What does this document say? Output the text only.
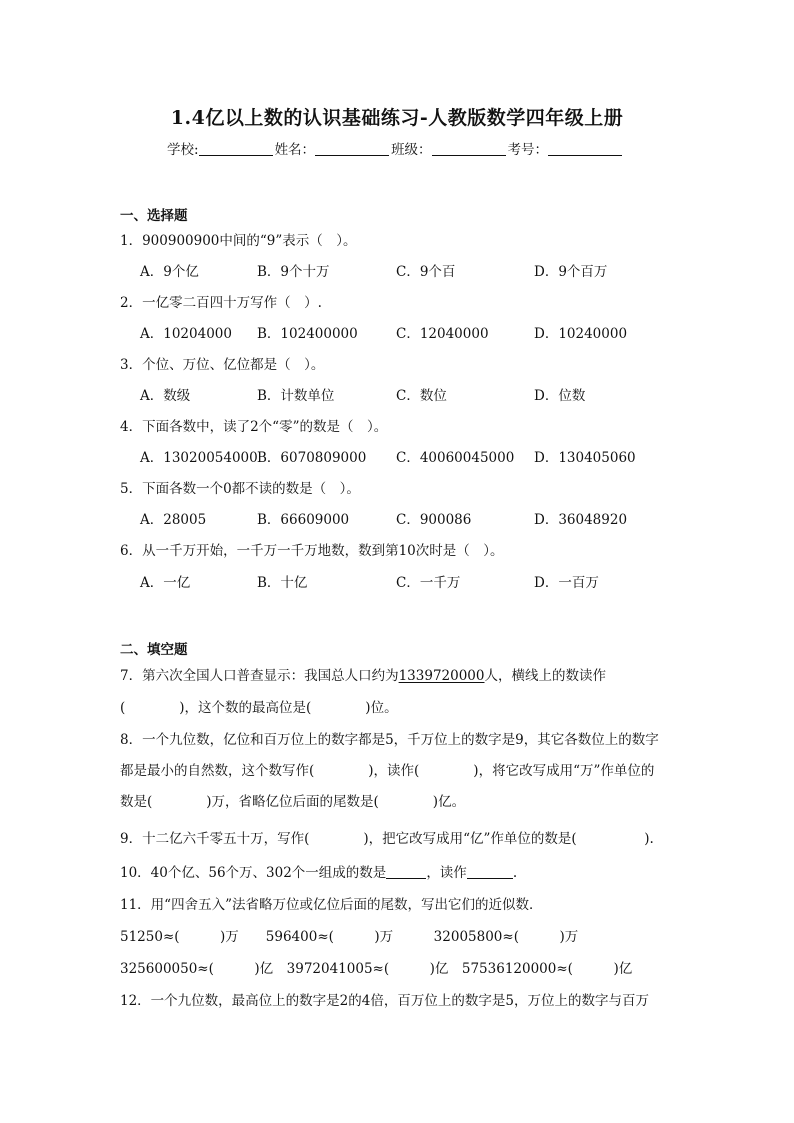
1.4亿以上数的认识基础练习-人教版数学四年级上册
学校:	姓名：	班级：	考号：
一、选择题
1．900900900中间的“9”表示（　）。
A．9个亿	B．9个十万	C．9个百	D．9个百万
2．一亿零二百四十万写作（　）.
A．10204000 B．102400000	C．12040000	D．10240000
3．个位、万位、亿位都是（　）。
A．数级	B．计数单位	C．数位	D．位数
4．下面各数中，读了2个“零”的数是（　）。
A．13020054000 B．6070809000 C．40060045000 D．130405060
5．下面各数一个0都不读的数是（　）。
A．28005	B．66609000	C．900086	D．36048920
6．从一千万开始，一千万一千万地数，数到第10次时是（　）。
A．一亿	B．十亿	C．一千万	D．一百万
二、填空题
7．第六次全国人口普查显示：我国总人口约为1339720000人，横线上的数读作
(　　　　)，这个数的最高位是(　　　　)位。
8．一个九位数，亿位和百万位上的数字都是5，千万位上的数字是9，其它各数位上的数字
都是最小的自然数，这个数写作(　　　　)，读作(　　　　)，将它改写成用“万”作单位的
数是(　　　　)万，省略亿位后面的尾数是(　　　　)亿。
9．十二亿六千零五十万，写作(　　　　)，把它改写成用“亿”作单位的数是(　　　　　).
10．40个亿、56个万、302个一组成的数是	，读作	.
11．用“四舍五入”法省略万位或亿位后面的尾数，写出它们的近似数．
51250≈(　　　)万　　596400≈(　　　)万　　　32005800≈(　　　)万
325600050≈(　　　)亿　3972041005≈(　　　)亿　57536120000≈(　　　)亿
12．一个九位数，最高位上的数字是2的4倍，百万位上的数字是5，万位上的数字与百万
